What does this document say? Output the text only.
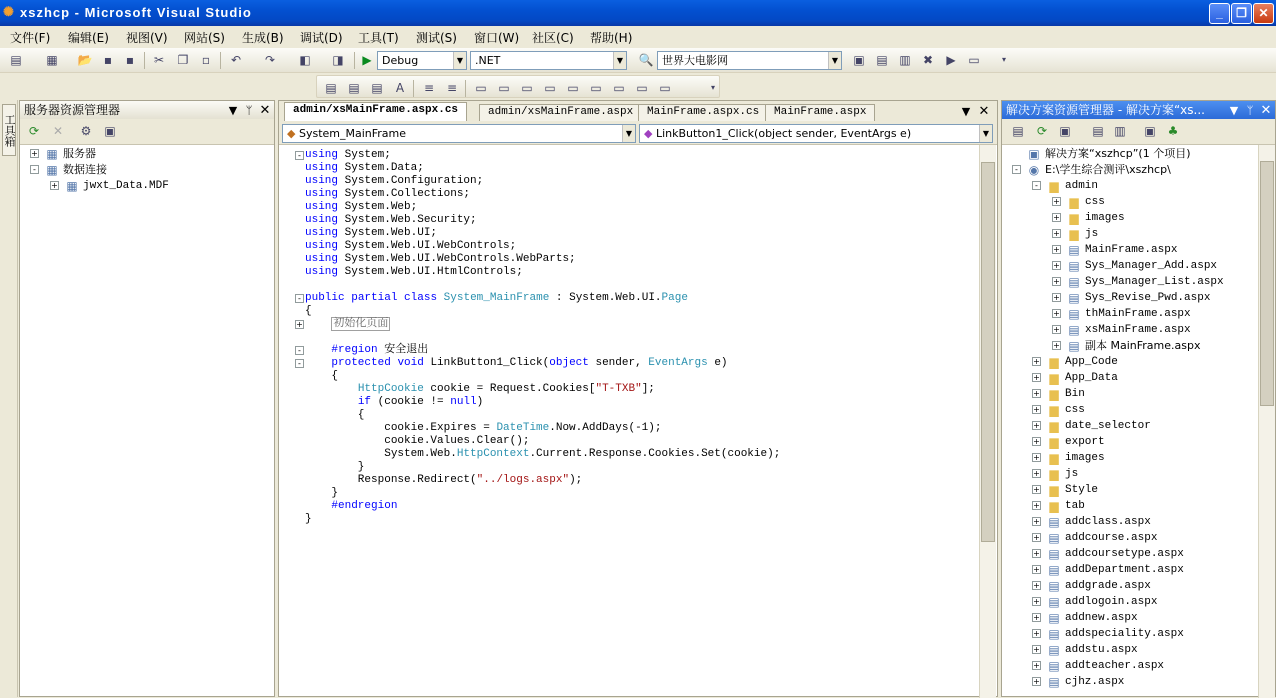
✺ xszhcp - Microsoft Visual Studio	_	❐ ✕
文件(F) 编辑(E) 视图(V) 网站(S) 生成(B) 调试(D) 工具(T) 测试(S) 窗口(W) 社区(C) 帮助(H)
▤ ▦ 📂 ▪	▪	✂ ❐	▫	↶ ↷ ◧ ◨ ▶ Debug	▼	.NET	▼ 🔍 世界大电影网	▼ ▣ ▤ ▥ ✖ ▶ ▭	▾
▤ ▤ ▤	A	≡ ≡ ▭ ▭ ▭ ▭ ▭ ▭ ▭ ▭ ▭	▾
工具箱
服务器资源管理器	▼ ᛘ ✕
⟳ ✕ ⚙ ▣
+ ▦ 服务器
- ▦ 数据连接
+ ▦ jwxt_Data.MDF
▼ ✕
admin/xsMainFrame.aspx.cs	admin/xsMainFrame.aspx	MainFrame.aspx.cs	MainFrame.aspx
◆ System_MainFrame	▼	◆ LinkButton1_Click(object sender, EventArgs e)	▼
-
-
+
-
-
using System;
using System.Data;
using System.Configuration;
using System.Collections;
using System.Web;
using System.Web.Security;
using System.Web.UI;
using System.Web.UI.WebControls;
using System.Web.UI.WebControls.WebParts;
using System.Web.UI.HtmlControls;
public partial class System_MainFrame : System.Web.UI.Page
{
初始化页面
#region 安全退出
protected void LinkButton1_Click(object sender, EventArgs e)
{
HttpCookie cookie = Request.Cookies["T-TXB"];
if (cookie != null)
{
cookie.Expires = DateTime.Now.AddDays(-1);
cookie.Values.Clear();
System.Web.HttpContext.Current.Response.Cookies.Set(cookie);
}
Response.Redirect("../logs.aspx");
}
#endregion
}
解决方案资源管理器 - 解决方案“xs... ▼ ᛘ ✕
▤ ⟳ ▣ ▤ ▥ ▣ ♣
▣ 解决方案“xszhcp”(1 个项目)
- ◉ E:\学生综合测评\xszhcp\
- ▆ admin
+ ▆ css
+ ▆ images
+ ▆ js
+ ▤ MainFrame.aspx
+ ▤ Sys_Manager_Add.aspx
+ ▤ Sys_Manager_List.aspx
+ ▤ Sys_Revise_Pwd.aspx
+ ▤ thMainFrame.aspx
+ ▤ xsMainFrame.aspx
+ ▤ 副本 MainFrame.aspx
+ ▆ App_Code
+ ▆ App_Data
+ ▆ Bin
+ ▆ css
+ ▆ date_selector
+ ▆ export
+ ▆ images
+ ▆ js
+ ▆ Style
+ ▆ tab
+ ▤ addclass.aspx
+ ▤ addcourse.aspx
+ ▤ addcoursetype.aspx
+ ▤ addDepartment.aspx
+ ▤ addgrade.aspx
+ ▤ addlogoin.aspx
+ ▤ addnew.aspx
+ ▤ addspeciality.aspx
+ ▤ addstu.aspx
+ ▤ addteacher.aspx
+ ▤ cjhz.aspx
